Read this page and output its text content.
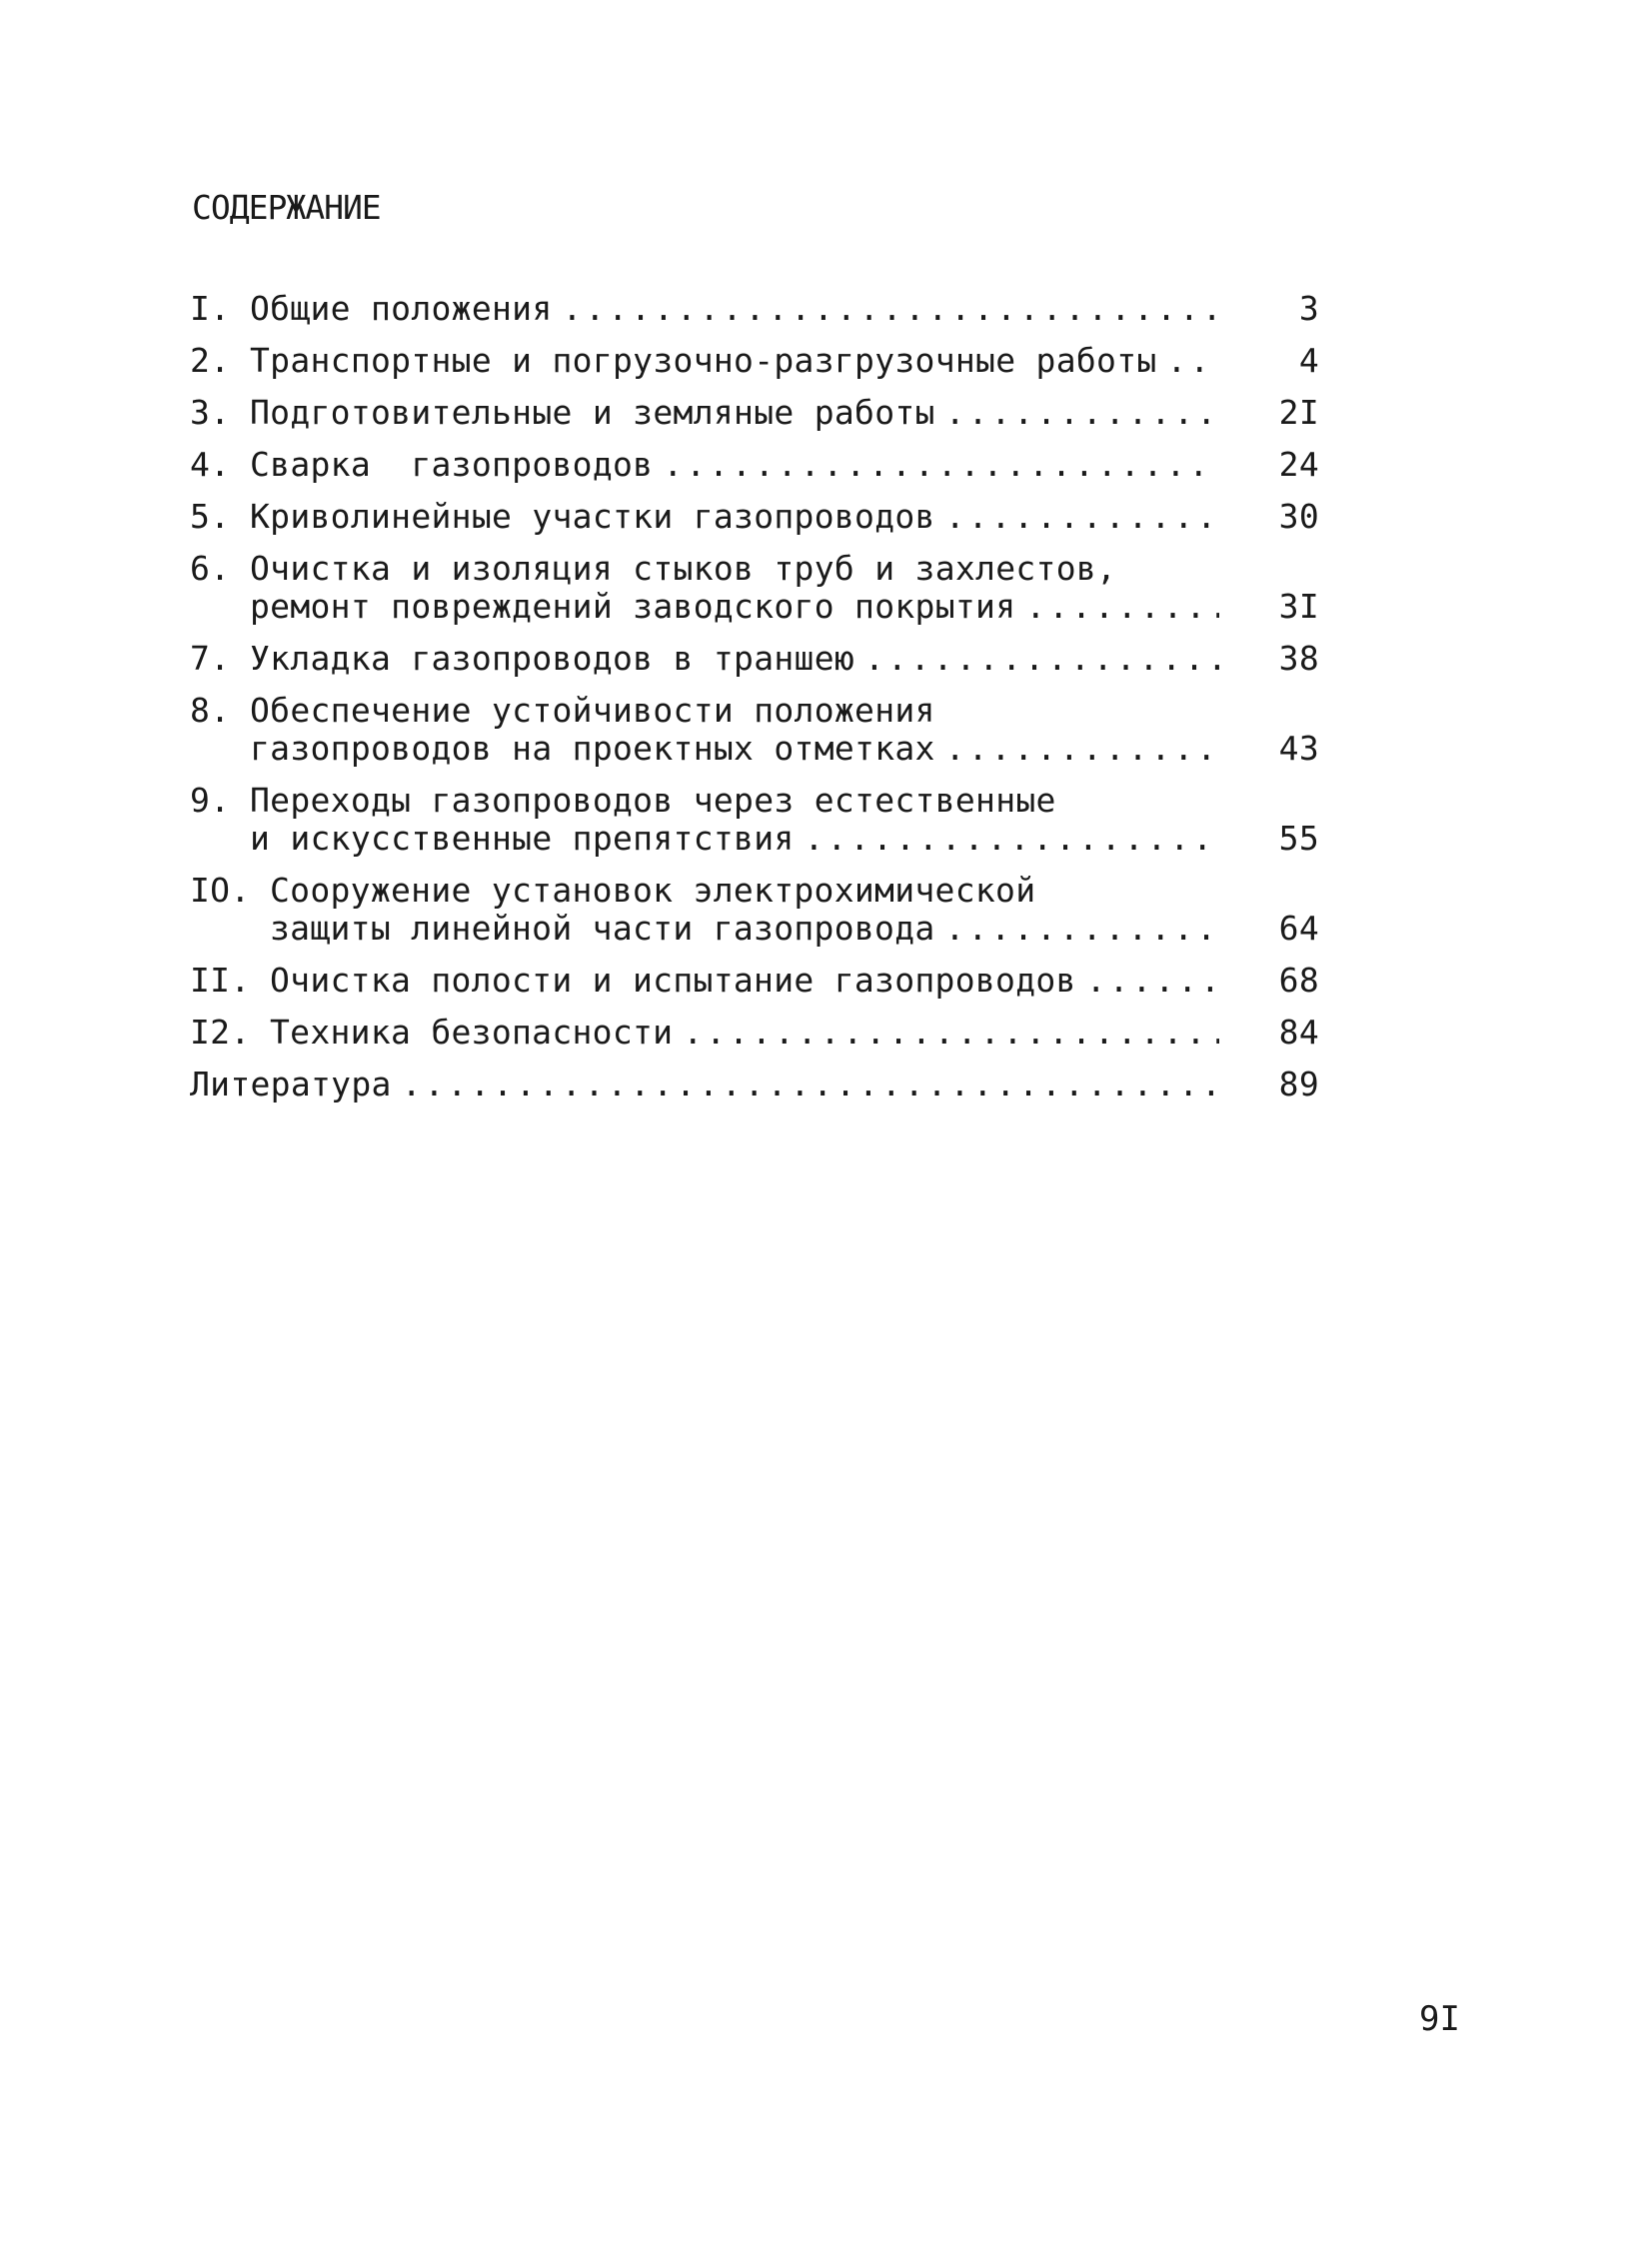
СОДЕРЖАНИЕ
I. Общие положения .....	3
2. Транспортные и погрузочно-разгрузочные работы .....	4
3. Подготовительные и земляные работы .....	2I
4. Сварка  газопроводов .....	24
5. Криволинейные участки газопроводов .....	30
6. Очистка и изоляция стыков труб и захлестов,
ремонт повреждений заводского покрытия .....	3I
7. Укладка газопроводов в траншею .....	38
8. Обеспечение устойчивости положения
газопроводов на проектных отметках .....	43
9. Переходы газопроводов через естественные
и искусственные препятствия .....	55
IO. Сооружение установок электрохимической
защиты линейной части газопровода .....	64
II. Очистка полости и испытание газопроводов .....	68
I2. Техника безопасности .....	84
Литература .....	89
9I
